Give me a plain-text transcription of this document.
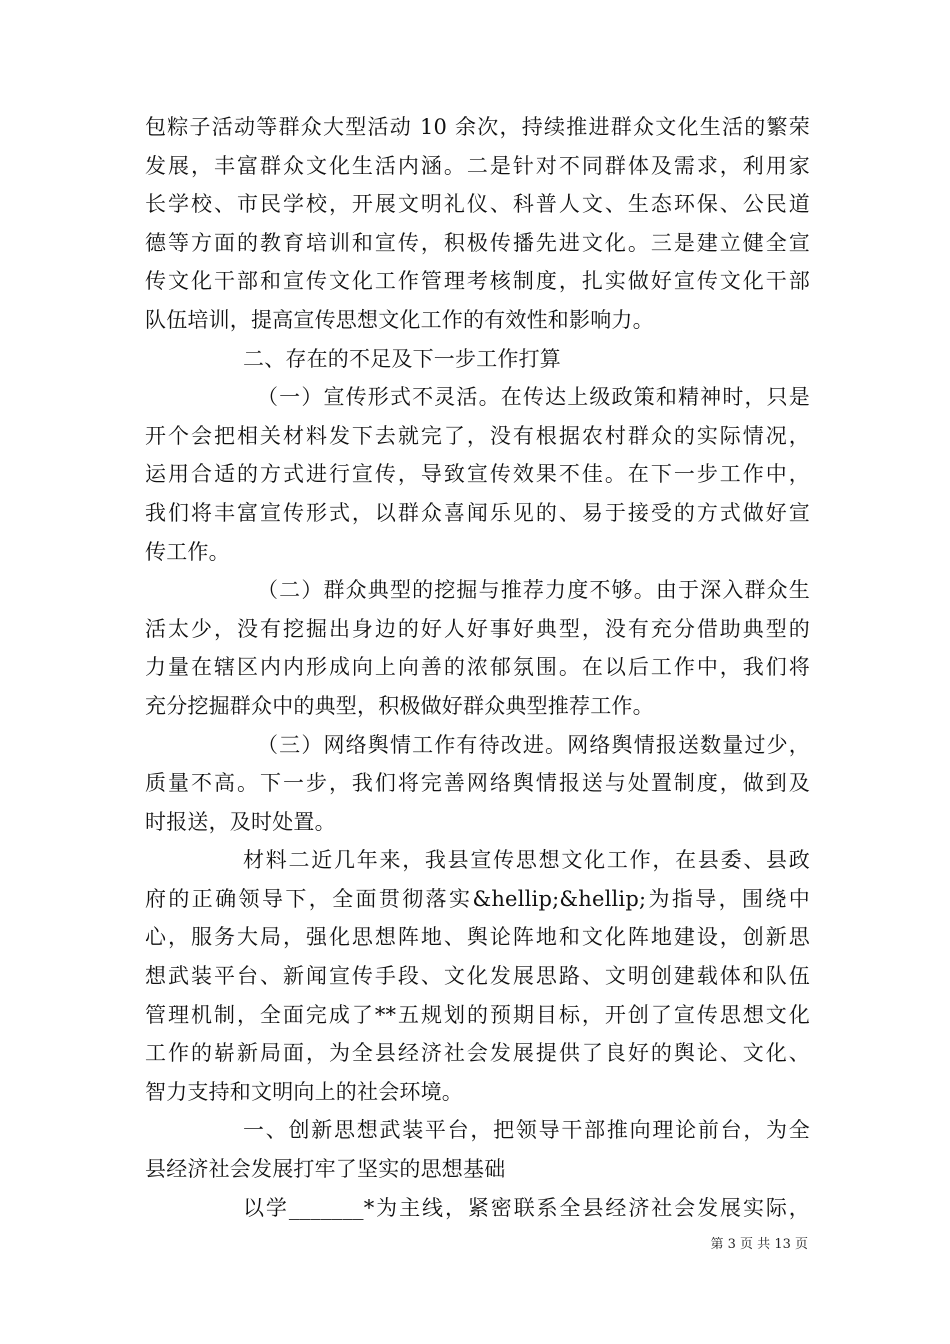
包粽子活动等群众大型活动 10 余次，持续推进群众文化生活的繁荣
发展，丰富群众文化生活内涵。二是针对不同群体及需求，利用家
长学校、市民学校，开展文明礼仪、科普人文、生态环保、公民道
德等方面的教育培训和宣传，积极传播先进文化。三是建立健全宣
传文化干部和宣传文化工作管理考核制度，扎实做好宣传文化干部
队伍培训，提高宣传思想文化工作的有效性和影响力。
二、存在的不足及下一步工作打算
（一）宣传形式不灵活。在传达上级政策和精神时，只是
开个会把相关材料发下去就完了，没有根据农村群众的实际情况，
运用合适的方式进行宣传，导致宣传效果不佳。在下一步工作中，
我们将丰富宣传形式，以群众喜闻乐见的、易于接受的方式做好宣
传工作。
（二）群众典型的挖掘与推荐力度不够。由于深入群众生
活太少，没有挖掘出身边的好人好事好典型，没有充分借助典型的
力量在辖区内内形成向上向善的浓郁氛围。在以后工作中，我们将
充分挖掘群众中的典型，积极做好群众典型推荐工作。
（三）网络舆情工作有待改进。网络舆情报送数量过少，
质量不高。下一步，我们将完善网络舆情报送与处置制度，做到及
时报送，及时处置。
材料二近几年来，我县宣传思想文化工作，在县委、县政
府的正确领导下，全面贯彻落实&hellip;&hellip;为指导，围绕中
心，服务大局，强化思想阵地、舆论阵地和文化阵地建设，创新思
想武装平台、新闻宣传手段、文化发展思路、文明创建载体和队伍
管理机制，全面完成了**五规划的预期目标，开创了宣传思想文化
工作的崭新局面，为全县经济社会发展提供了良好的舆论、文化、
智力支持和文明向上的社会环境。
一、创新思想武装平台，把领导干部推向理论前台，为全
县经济社会发展打牢了坚实的思想基础
以学_______*为主线，紧密联系全县经济社会发展实际，
第 3 页 共 13 页
